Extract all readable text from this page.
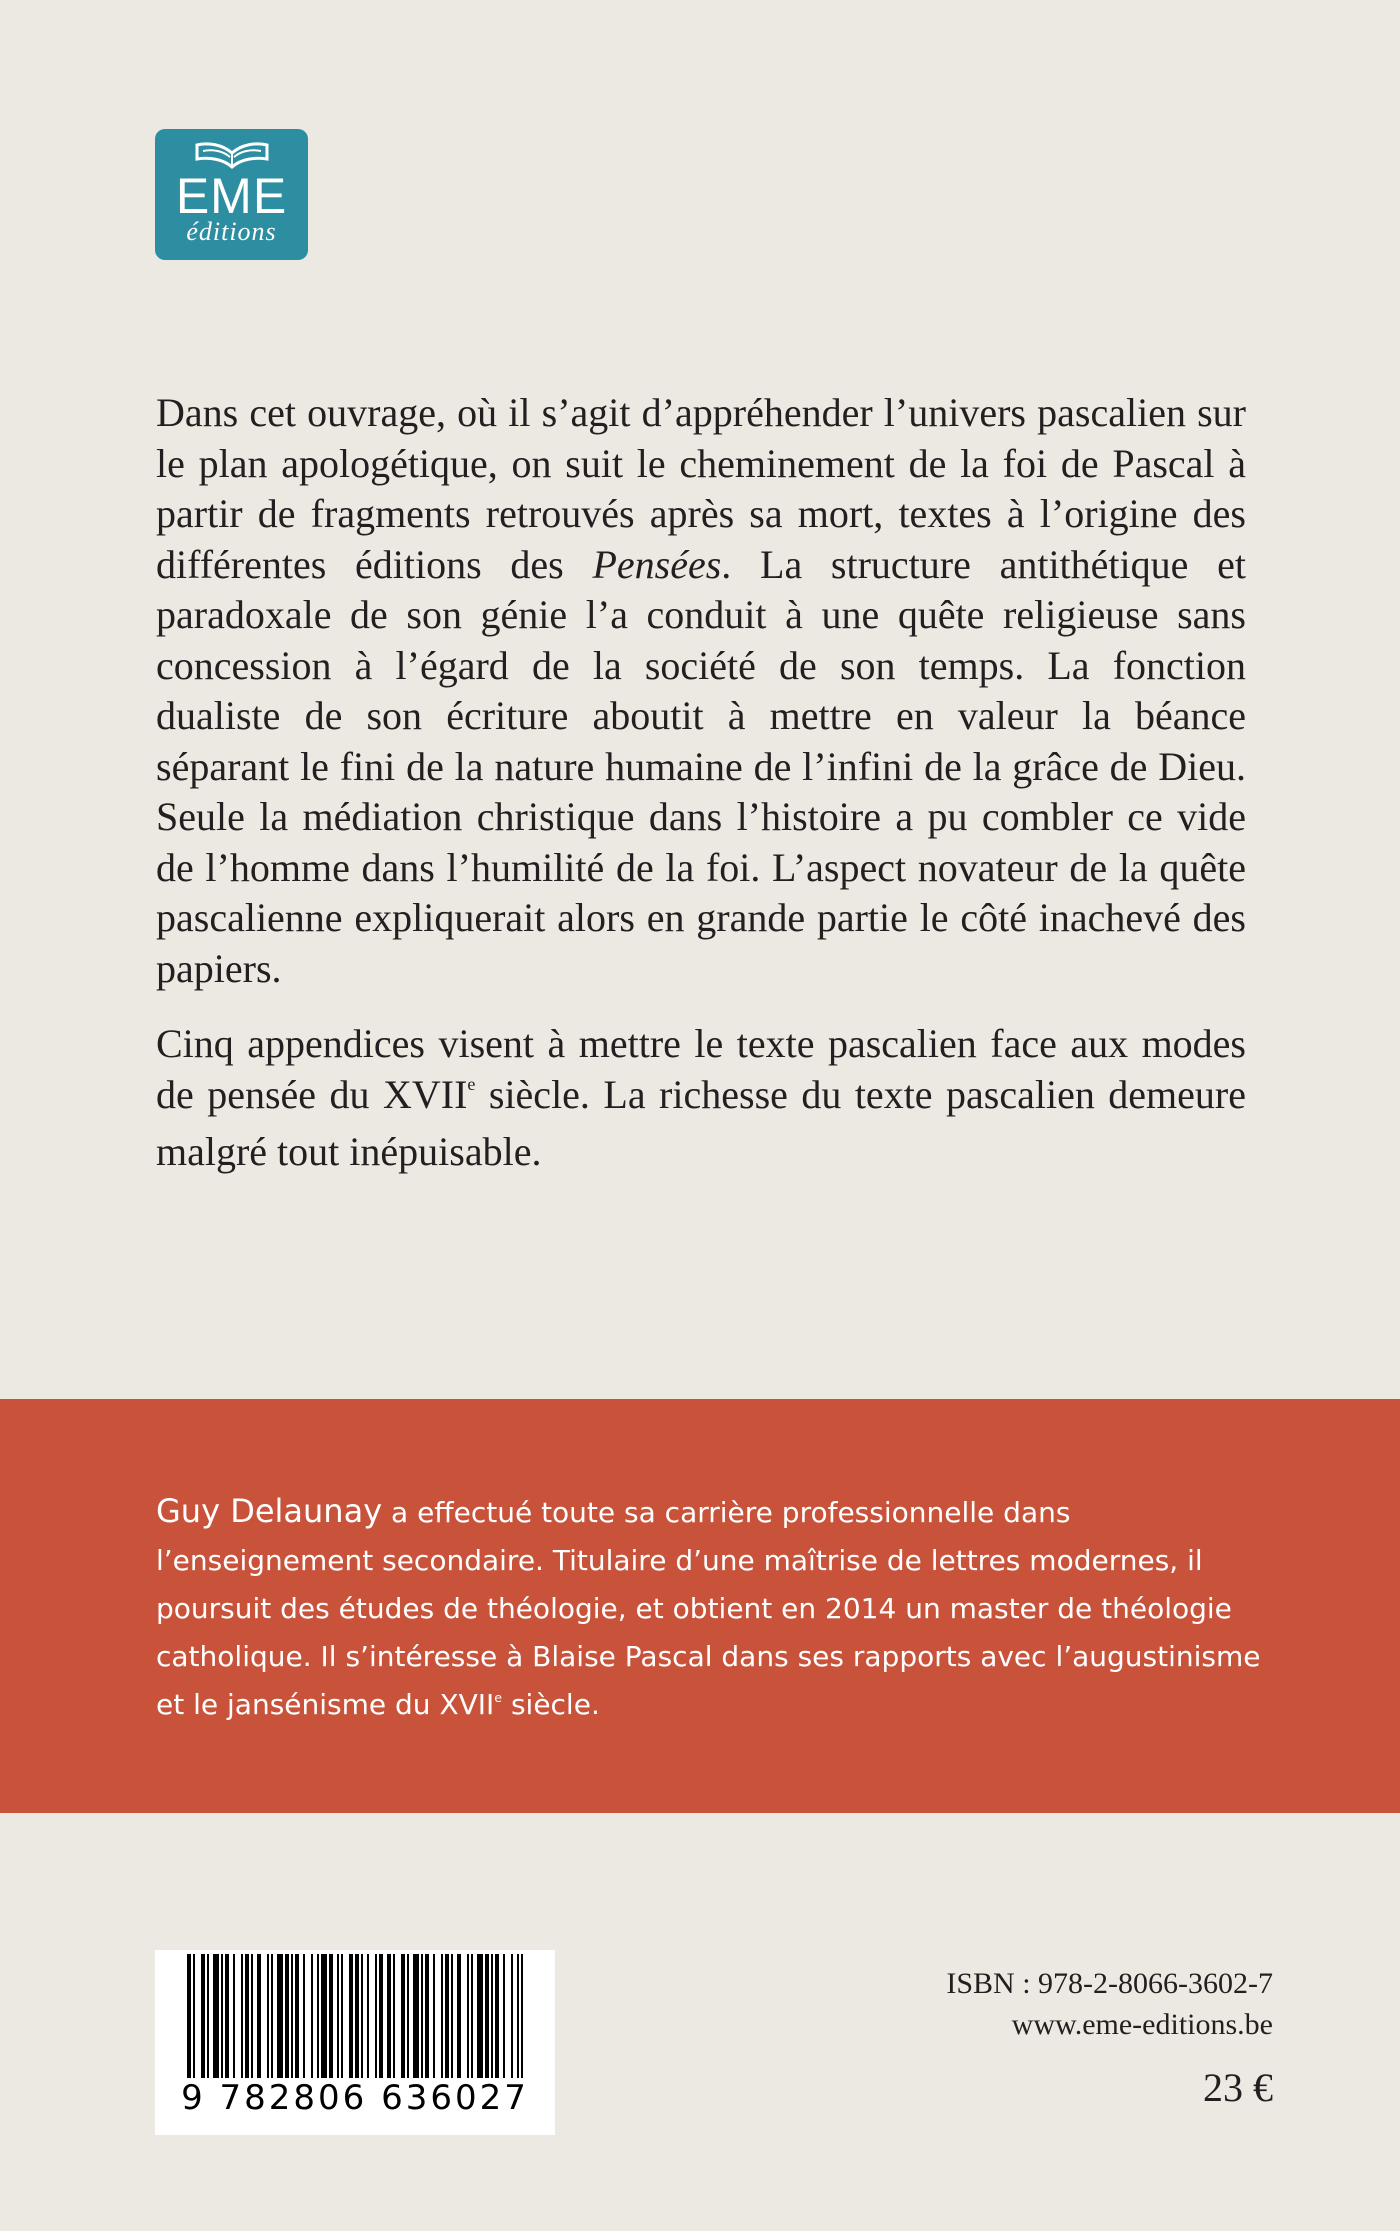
EME
éditions

Dans cet ouvrage, où il s’agit d’appréhender l’univers pascalien sur le plan apologétique, on suit le cheminement de la foi de Pascal à partir de fragments retrouvés après sa mort, textes à l’origine des différentes éditions des Pensées. La structure antithétique et paradoxale de son génie l’a conduit à une quête religieuse sans concession à l’égard de la société de son temps. La fonction dualiste de son écriture aboutit à mettre en valeur la béance séparant le fini de la nature humaine de l’infini de la grâce de Dieu. Seule la médiation christique dans l’histoire a pu combler ce vide de l’homme dans l’humilité de la foi. L’aspect novateur de la quête pascalienne expliquerait alors en grande partie le côté inachevé des papiers.

Cinq appendices visent à mettre le texte pascalien face aux modes de pensée du XVIIe siècle. La richesse du texte pascalien demeure malgré tout inépuisable.

Guy Delaunay a effectué toute sa carrière professionnelle dans l’enseignement secondaire. Titulaire d’une maîtrise de lettres modernes, il poursuit des études de théologie, et obtient en 2014 un master de théologie catholique. Il s’intéresse à Blaise Pascal dans ses rapports avec l’augustinisme et le jansénisme du XVIIe siècle.
9 782806 636027
ISBN : 978-2-8066-3602-7
www.eme-editions.be
23 €
